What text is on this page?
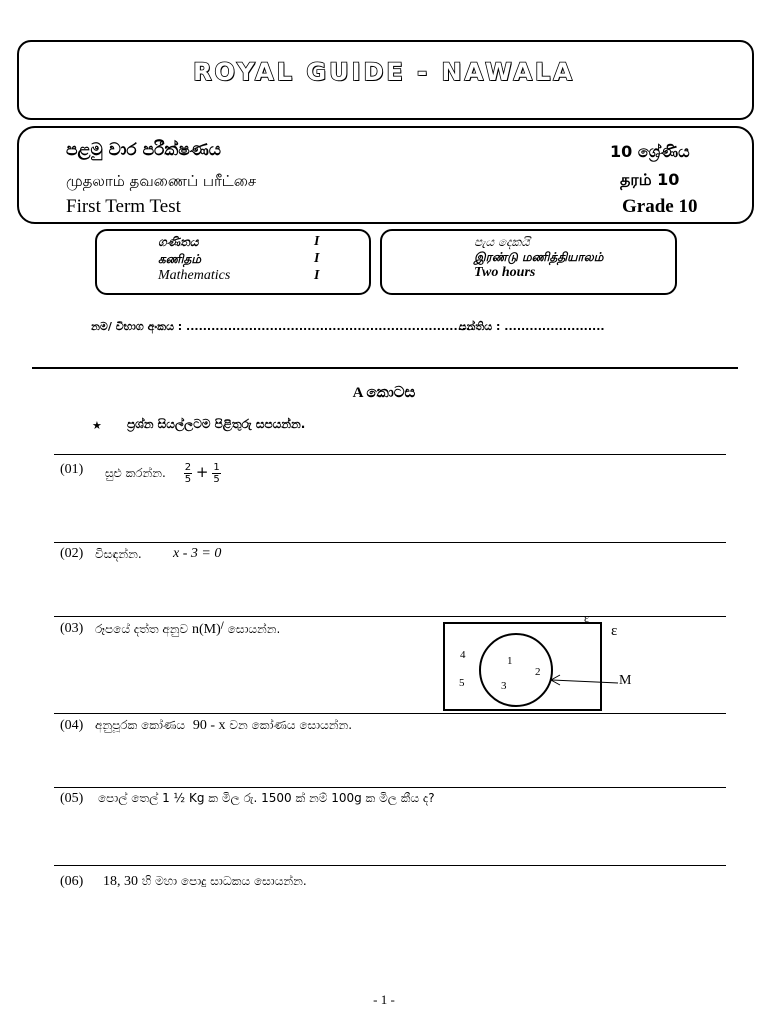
ROYAL GUIDE - NAWALA
පළමු වාර පරීක්ෂණය
முதலாம் தவணைப் பரீட்சை
First Term Test
10 ශ්‍රේණිය
தரம் 10
Grade 10
ගණිතය
கணிதம்
Mathematics
I
I
I
පැය දෙකයි
இரண்டு மணித்தியாலம்
Two hours
නම/ විභාග අංකය : .....................................................................
පන්තිය : ........................
A කොටස
★ ප්‍රශ්න සියල්ලටම පිළිතුරු සපයන්න.
(01) සුළු කරන්න. $\frac{2}{5} + \frac{1}{5}$
(02) විසඳන්න. x - 3 = 0
(03) රූපයේ දත්ත අනුව n(M)/ සොයන්න.
ε
ε
M
4
5
1
2
3
(04) අනුපූරක කෝණය 90 - x වන කෝණය සොයන්න.
(05) පොල් තෙල් 1 ½ Kg ක මිල රු. 1500 ක් නම් 100g ක මිල කීය ද?
(06) 18, 30 හි මහා පොදු සාධකය සොයන්න.
- 1 -
